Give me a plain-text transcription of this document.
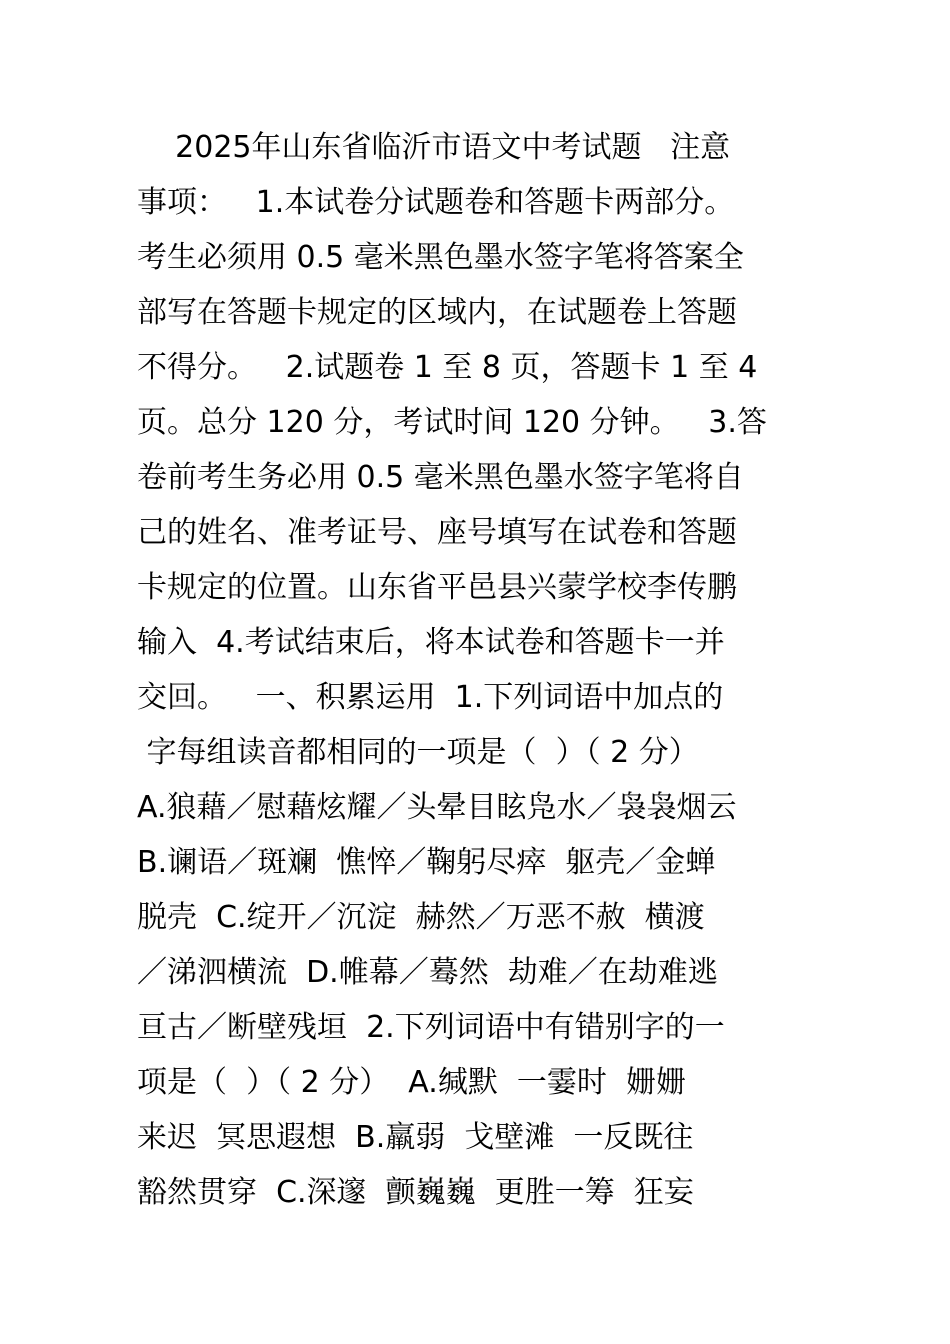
2025年山东省临沂市语文中考试题   注意
事项：   1.本试卷分试题卷和答题卡两部分。
考生必须用 0.5 毫米黑色墨水签字笔将答案全
部写在答题卡规定的区域内，在试题卷上答题
不得分。   2.试题卷 1 至 8 页，答题卡 1 至 4
页。总分 120 分，考试时间 120 分钟。   3.答
卷前考生务必用 0.5 毫米黑色墨水签字笔将自
己的姓名、准考证号、座号填写在试卷和答题
卡规定的位置。山东省平邑县兴蒙学校李传鹏
输入  4.考试结束后，将本试卷和答题卡一并
交回。   一、积累运用  1.下列词语中加点的
字每组读音都相同的一项是（  ）（ 2 分）
A.狼藉／慰藉炫耀／头晕目眩凫水／袅袅烟云
B.谰语／斑斓  憔悴／鞠躬尽瘁  躯壳／金蝉
脱壳  C.绽开／沉淀  赫然／万恶不赦  横渡
／涕泗横流  D.帷幕／蓦然  劫难／在劫难逃
亘古／断壁残垣  2.下列词语中有错别字的一
项是（  ）（ 2 分）  A.缄默  一霎时  姗姗
来迟  冥思遐想  B.羸弱  戈壁滩  一反既往
豁然贯穿  C.深邃  颤巍巍  更胜一筹  狂妄
